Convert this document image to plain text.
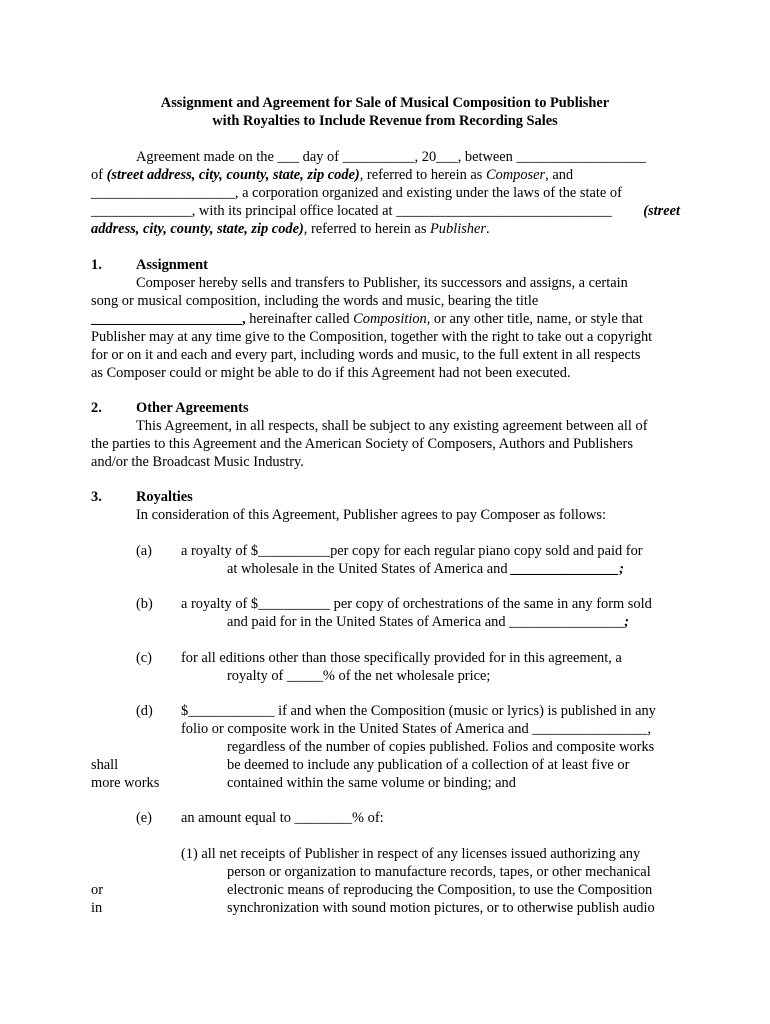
Assignment and Agreement for Sale of Musical Composition to Publisher
with Royalties to Include Revenue from Recording Sales
Agreement made on the ___ day of __________, 20___, between __________________
of (street address, city, county, state, zip code), referred to herein as Composer, and
____________________, a corporation organized and existing under the laws of the state of
______________, with its principal office located at ______________________________ (street
address, city, county, state, zip code), referred to herein as Publisher.
1. Assignment
Composer hereby sells and transfers to Publisher, its successors and assigns, a certain
song or musical composition, including the words and music, bearing the title
_____________________, hereinafter called Composition, or any other title, name, or style that
Publisher may at any time give to the Composition, together with the right to take out a copyright
for or on it and each and every part, including words and music, to the full extent in all respects
as Composer could or might be able to do if this Agreement had not been executed.
2. Other Agreements
This Agreement, in all respects, shall be subject to any existing agreement between all of
the parties to this Agreement and the American Society of Composers, Authors and Publishers
and/or the Broadcast Music Industry.
3. Royalties
In consideration of this Agreement, Publisher agrees to pay Composer as follows:
(a) a royalty of $__________per copy for each regular piano copy sold and paid for
at wholesale in the United States of America and _______________;
(b) a royalty of $__________ per copy of orchestrations of the same in any form sold
and paid for in the United States of America and ________________;
(c) for all editions other than those specifically provided for in this agreement, a
royalty of _____% of the net wholesale price;
(d) $____________ if and when the Composition (music or lyrics) is published in any
folio or composite work in the United States of America and ________________,
regardless of the number of copies published. Folios and composite works
shall	be deemed to include any publication of a collection of at least five or
more works	contained within the same volume or binding; and
(e) an amount equal to ________% of:
(1) all net receipts of Publisher in respect of any licenses issued authorizing any
person or organization to manufacture records, tapes, or other mechanical
or	electronic means of reproducing the Composition, to use the Composition
in	synchronization with sound motion pictures, or to otherwise publish audio
